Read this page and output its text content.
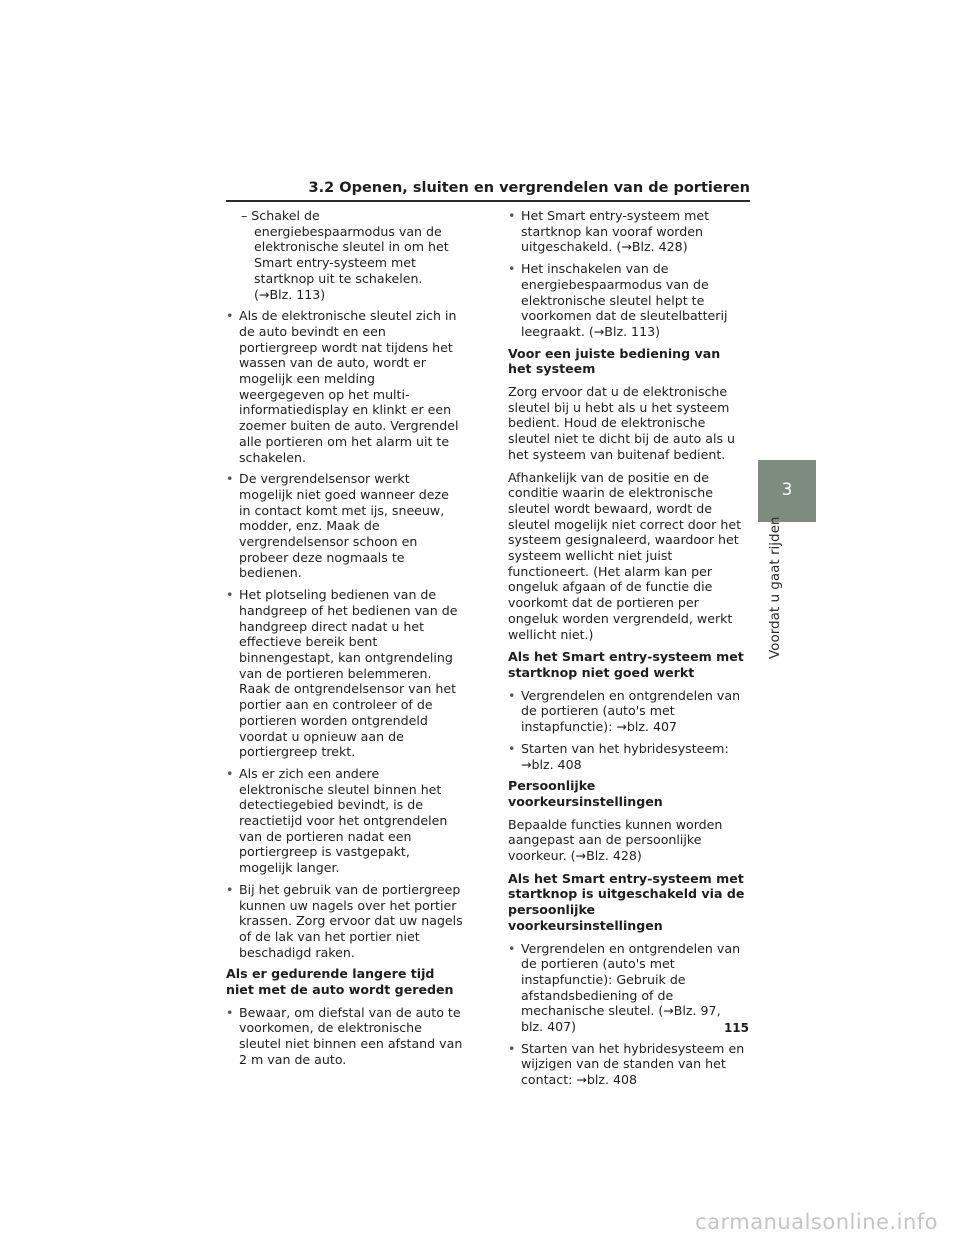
3.2 Openen, sluiten en vergrendelen van de portieren
– Schakel de energiebespaarmodus van de elektronische sleutel in om het Smart entry-systeem met startknop uit te schakelen. (→Blz. 113)
• Als de elektronische sleutel zich in de auto bevindt en een portiergreep wordt nat tijdens het wassen van de auto, wordt er mogelijk een melding weergegeven op het multi-informatiedisplay en klinkt er een zoemer buiten de auto. Vergrendel alle portieren om het alarm uit te schakelen.
• De vergrendelsensor werkt mogelijk niet goed wanneer deze in contact komt met ijs, sneeuw, modder, enz. Maak de vergrendelsensor schoon en probeer deze nogmaals te bedienen.
• Het plotseling bedienen van de handgreep of het bedienen van de handgreep direct nadat u het effectieve bereik bent binnengestapt, kan ontgrendeling van de portieren belemmeren. Raak de ontgrendelsensor van het portier aan en controleer of de portieren worden ontgrendeld voordat u opnieuw aan de portiergreep trekt.
• Als er zich een andere elektronische sleutel binnen het detectiegebied bevindt, is de reactietijd voor het ontgrendelen van de portieren nadat een portiergreep is vastgepakt, mogelijk langer.
• Bij het gebruik van de portiergreep kunnen uw nagels over het portier krassen. Zorg ervoor dat uw nagels of de lak van het portier niet beschadigd raken.
Als er gedurende langere tijd niet met de auto wordt gereden
• Bewaar, om diefstal van de auto te voorkomen, de elektronische sleutel niet binnen een afstand van 2 m van de auto.
• Het Smart entry-systeem met startknop kan vooraf worden uitgeschakeld. (→Blz. 428)
• Het inschakelen van de energiebespaarmodus van de elektronische sleutel helpt te voorkomen dat de sleutelbatterij leegraakt. (→Blz. 113)
Voor een juiste bediening van het systeem
Zorg ervoor dat u de elektronische sleutel bij u hebt als u het systeem bedient. Houd de elektronische sleutel niet te dicht bij de auto als u het systeem van buitenaf bedient.
Afhankelijk van de positie en de conditie waarin de elektronische sleutel wordt bewaard, wordt de sleutel mogelijk niet correct door het systeem gesignaleerd, waardoor het systeem wellicht niet juist functioneert. (Het alarm kan per ongeluk afgaan of de functie die voorkomt dat de portieren per ongeluk worden vergrendeld, werkt wellicht niet.)
Als het Smart entry-systeem met startknop niet goed werkt
• Vergrendelen en ontgrendelen van de portieren (auto's met instapfunctie): →blz. 407
• Starten van het hybridesysteem: →blz. 408
Persoonlijke voorkeursinstellingen
Bepaalde functies kunnen worden aangepast aan de persoonlijke voorkeur. (→Blz. 428)
Als het Smart entry-systeem met startknop is uitgeschakeld via de persoonlijke voorkeursinstellingen
• Vergrendelen en ontgrendelen van de portieren (auto's met instapfunctie): Gebruik de afstandsbediening of de mechanische sleutel. (→Blz. 97, blz. 407)
• Starten van het hybridesysteem en wijzigen van de standen van het contact: →blz. 408
3
Voordat u gaat rijden
115
carmanualsonline.info
